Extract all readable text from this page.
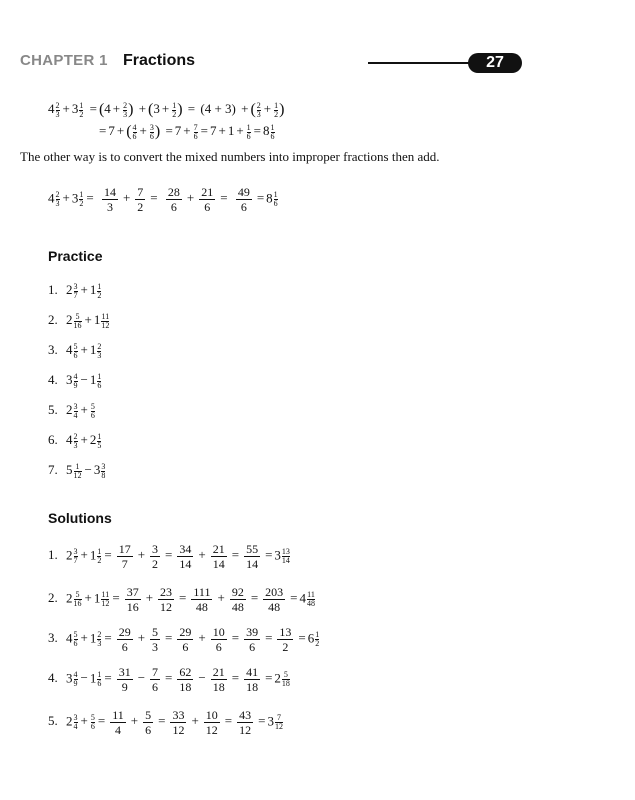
CHAPTER 1 Fractions	27
$4 \frac{2}{3} + 3 \frac{1}{2} = (4 + \frac{2}{3}$ ) + ($3 + \frac{1}{2}$ ) = (4 + 3) + ( $\frac{2}{3} + \frac{1}{2}$ )
= 7 + ( $\frac{4}{6} + \frac{3}{6}$ ) = $7 + \frac{7}{6} = 7 + 1 + \frac{1}{6} = 8 \frac{1}{6}$
The other way is to convert the mixed numbers into improper fractions then add.
$4 \frac{2}{3} + 3 \frac{1}{2} = \frac{14}{3} + \frac{7}{2} = \frac{28}{6} + \frac{21}{6} = \frac{49}{6} = 8 \frac{1}{6}$
Practice
1. $2 \frac{3}{7} + 1 \frac{1}{2}$
2. $2 \frac{5}{16} + 1 \frac{11}{12}$
3. $4 \frac{5}{6} + 1 \frac{2}{3}$
4. $3 \frac{4}{9} - 1 \frac{1}{6}$
5. $2 \frac{3}{4} + \frac{5}{6}$
6. $4 \frac{2}{3} + 2 \frac{1}{5}$
7. $5 \frac{1}{12} - 3 \frac{3}{8}$
Solutions
1. $2 \frac{3}{7} + 1 \frac{1}{2} = \frac{17}{7} + \frac{3}{2} = \frac{34}{14} + \frac{21}{14} = \frac{55}{14} = 3 \frac{13}{14}$
2. $2 \frac{5}{16} + 1 \frac{11}{12} = \frac{37}{16} + \frac{23}{12} = \frac{111}{48} + \frac{92}{48} = \frac{203}{48} = 4 \frac{11}{48}$
3. $4 \frac{5}{6} + 1 \frac{2}{3} = \frac{29}{6} + \frac{5}{3} = \frac{29}{6} + \frac{10}{6} = \frac{39}{6} = \frac{13}{2} = 6 \frac{1}{2}$
4. $3 \frac{4}{9} - 1 \frac{1}{6} = \frac{31}{9} - \frac{7}{6} = \frac{62}{18} - \frac{21}{18} = \frac{41}{18} = 2 \frac{5}{18}$
5. $2 \frac{3}{4} + \frac{5}{6} = \frac{11}{4} + \frac{5}{6} = \frac{33}{12} + \frac{10}{12} = \frac{43}{12} = 3 \frac{7}{12}$
